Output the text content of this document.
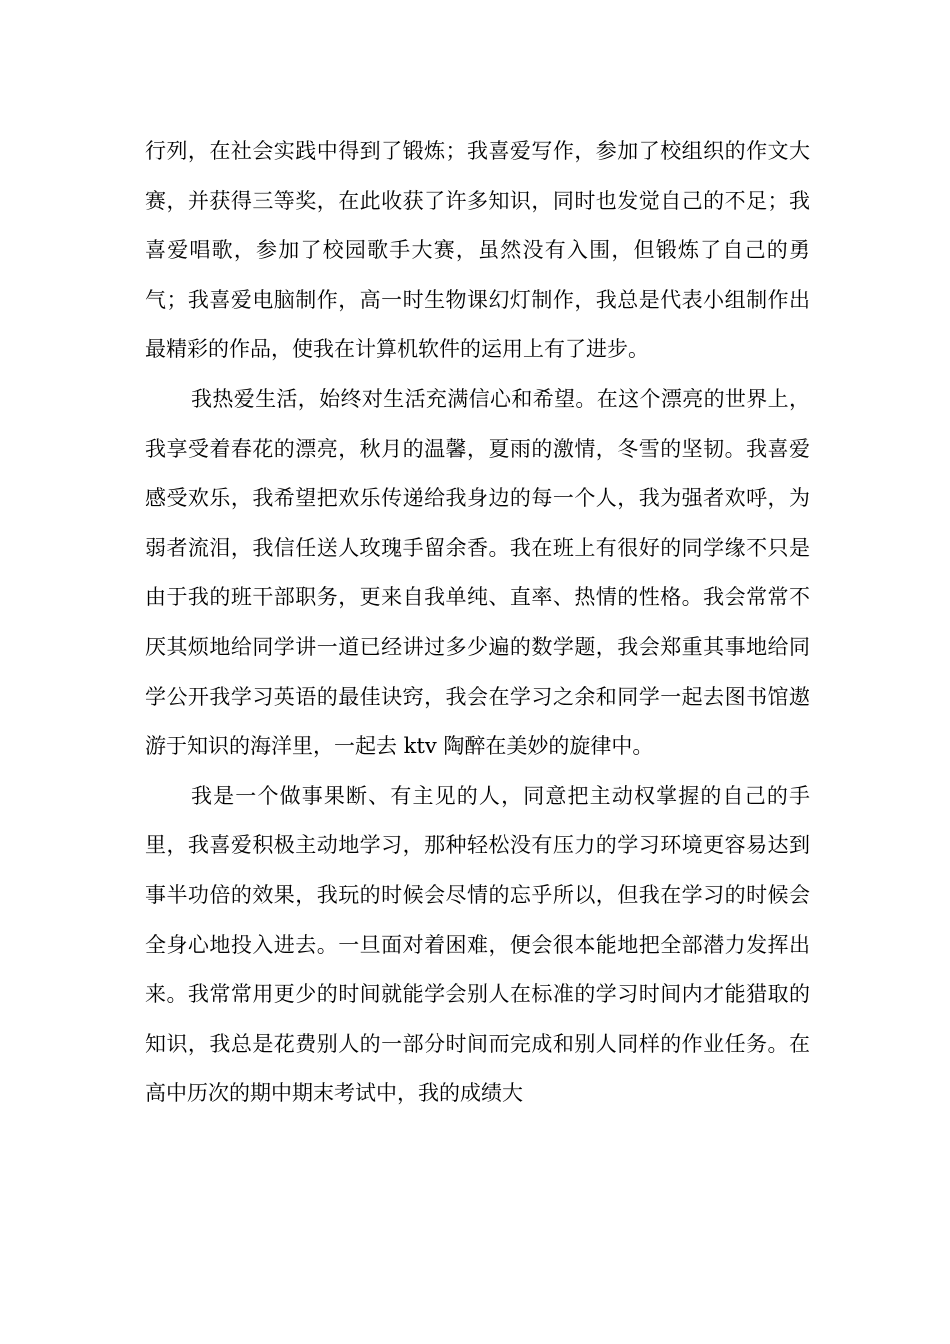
行列，在社会实践中得到了锻炼；我喜爱写作，参加了校组织的作文大赛，并获得三等奖，在此收获了许多知识，同时也发觉自己的不足；我喜爱唱歌，参加了校园歌手大赛，虽然没有入围，但锻炼了自己的勇气；我喜爱电脑制作，高一时生物课幻灯制作，我总是代表小组制作出最精彩的作品，使我在计算机软件的运用上有了进步。

我热爱生活，始终对生活充满信心和希望。在这个漂亮的世界上，我享受着春花的漂亮，秋月的温馨，夏雨的激情，冬雪的坚韧。我喜爱感受欢乐，我希望把欢乐传递给我身边的每一个人，我为强者欢呼，为弱者流泪，我信任送人玫瑰手留余香。我在班上有很好的同学缘不只是由于我的班干部职务，更来自我单纯、直率、热情的性格。我会常常不厌其烦地给同学讲一道已经讲过多少遍的数学题，我会郑重其事地给同学公开我学习英语的最佳诀窍，我会在学习之余和同学一起去图书馆遨游于知识的海洋里，一起去 ktv 陶醉在美妙的旋律中。

我是一个做事果断、有主见的人，同意把主动权掌握的自己的手里，我喜爱积极主动地学习，那种轻松没有压力的学习环境更容易达到事半功倍的效果，我玩的时候会尽情的忘乎所以，但我在学习的时候会全身心地投入进去。一旦面对着困难，便会很本能地把全部潜力发挥出来。我常常用更少的时间就能学会别人在标准的学习时间内才能猎取的知识，我总是花费别人的一部分时间而完成和别人同样的作业任务。在高中历次的期中期末考试中，我的成绩大
